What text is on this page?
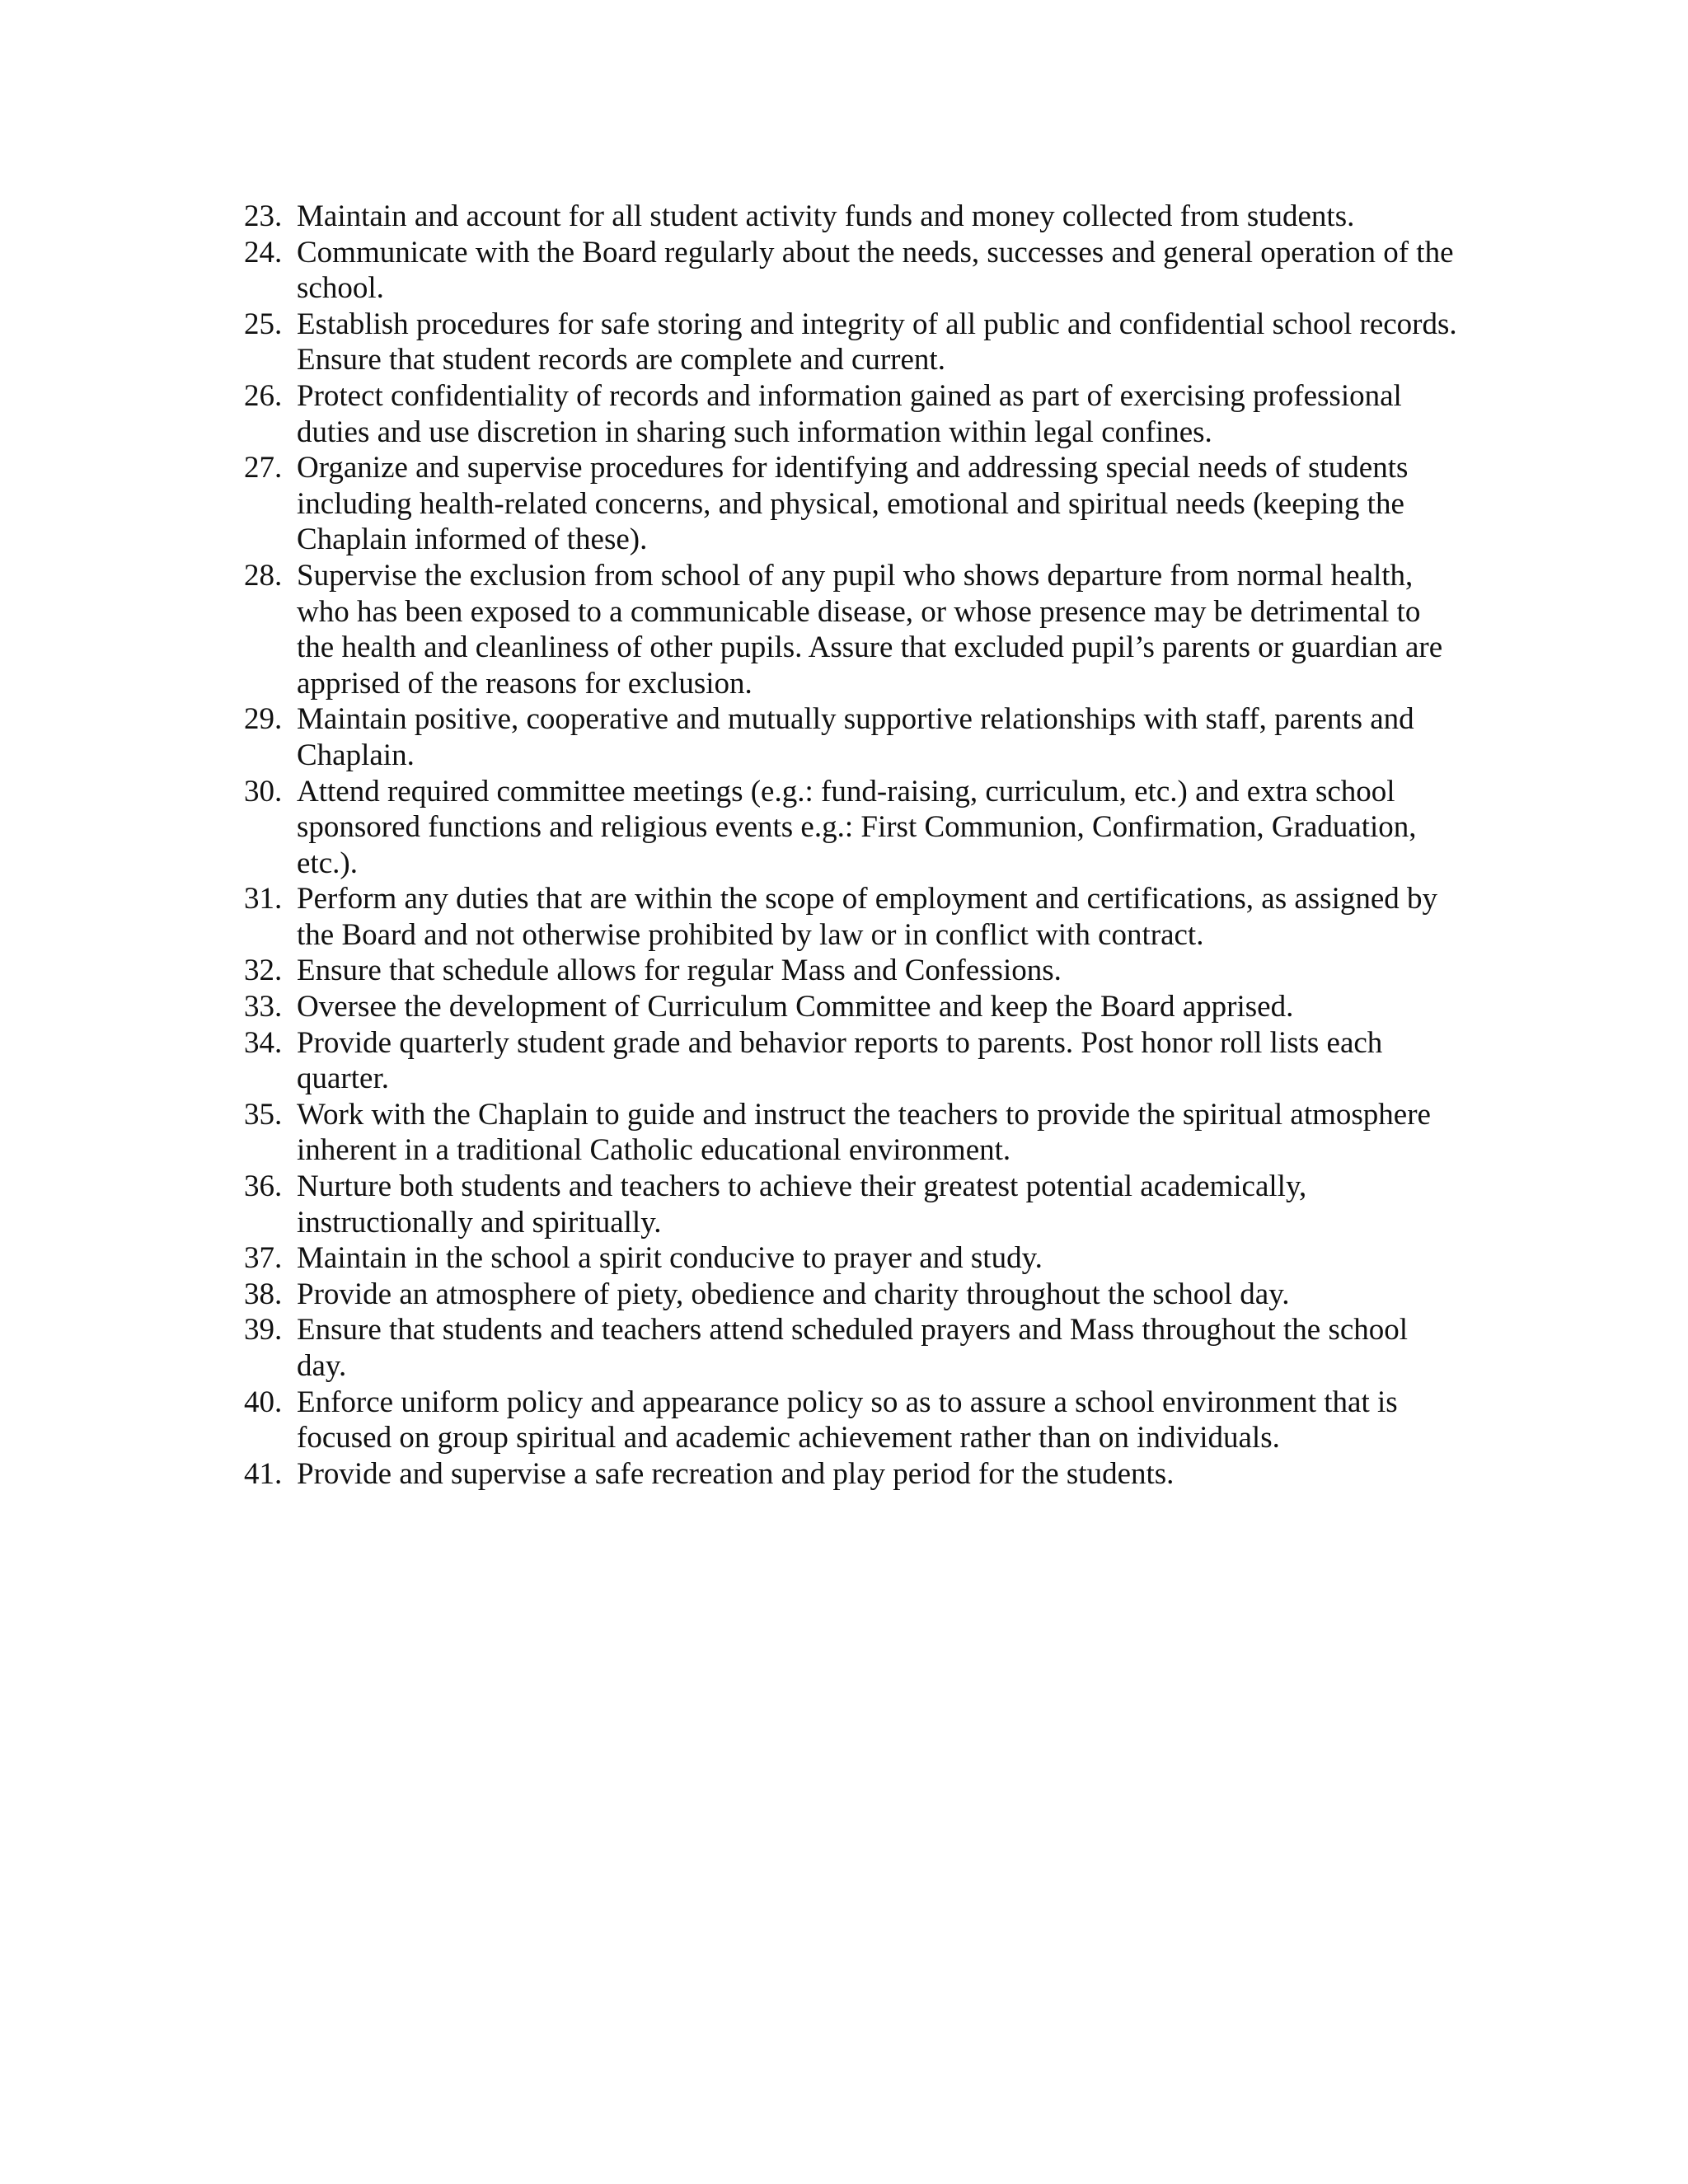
23. Maintain and account for all student activity funds and money collected from students.
24. Communicate with the Board regularly about the needs, successes and general operation of the school.
25. Establish procedures for safe storing and integrity of all public and confidential school records. Ensure that student records are complete and current.
26. Protect confidentiality of records and information gained as part of exercising professional duties and use discretion in sharing such information within legal confines.
27. Organize and supervise procedures for identifying and addressing special needs of students including health-related concerns, and physical, emotional and spiritual needs (keeping the Chaplain informed of these).
28. Supervise the exclusion from school of any pupil who shows departure from normal health, who has been exposed to a communicable disease, or whose presence may be detrimental to the health and cleanliness of other pupils. Assure that excluded pupil’s parents or guardian are apprised of the reasons for exclusion.
29. Maintain positive, cooperative and mutually supportive relationships with staff, parents and Chaplain.
30. Attend required committee meetings (e.g.: fund-raising, curriculum, etc.) and extra school sponsored functions and religious events e.g.: First Communion, Confirmation, Graduation, etc.).
31. Perform any duties that are within the scope of employment and certifications, as assigned by the Board and not otherwise prohibited by law or in conflict with contract.
32. Ensure that schedule allows for regular Mass and Confessions.
33. Oversee the development of Curriculum Committee and keep the Board apprised.
34. Provide quarterly student grade and behavior reports to parents. Post honor roll lists each quarter.
35. Work with the Chaplain to guide and instruct the teachers to provide the spiritual atmosphere inherent in a traditional Catholic educational environment.
36. Nurture both students and teachers to achieve their greatest potential academically, instructionally and spiritually.
37. Maintain in the school a spirit conducive to prayer and study.
38. Provide an atmosphere of piety, obedience and charity throughout the school day.
39. Ensure that students and teachers attend scheduled prayers and Mass throughout the school day.
40. Enforce uniform policy and appearance policy so as to assure a school environment that is focused on group spiritual and academic achievement rather than on individuals.
41. Provide and supervise a safe recreation and play period for the students.
